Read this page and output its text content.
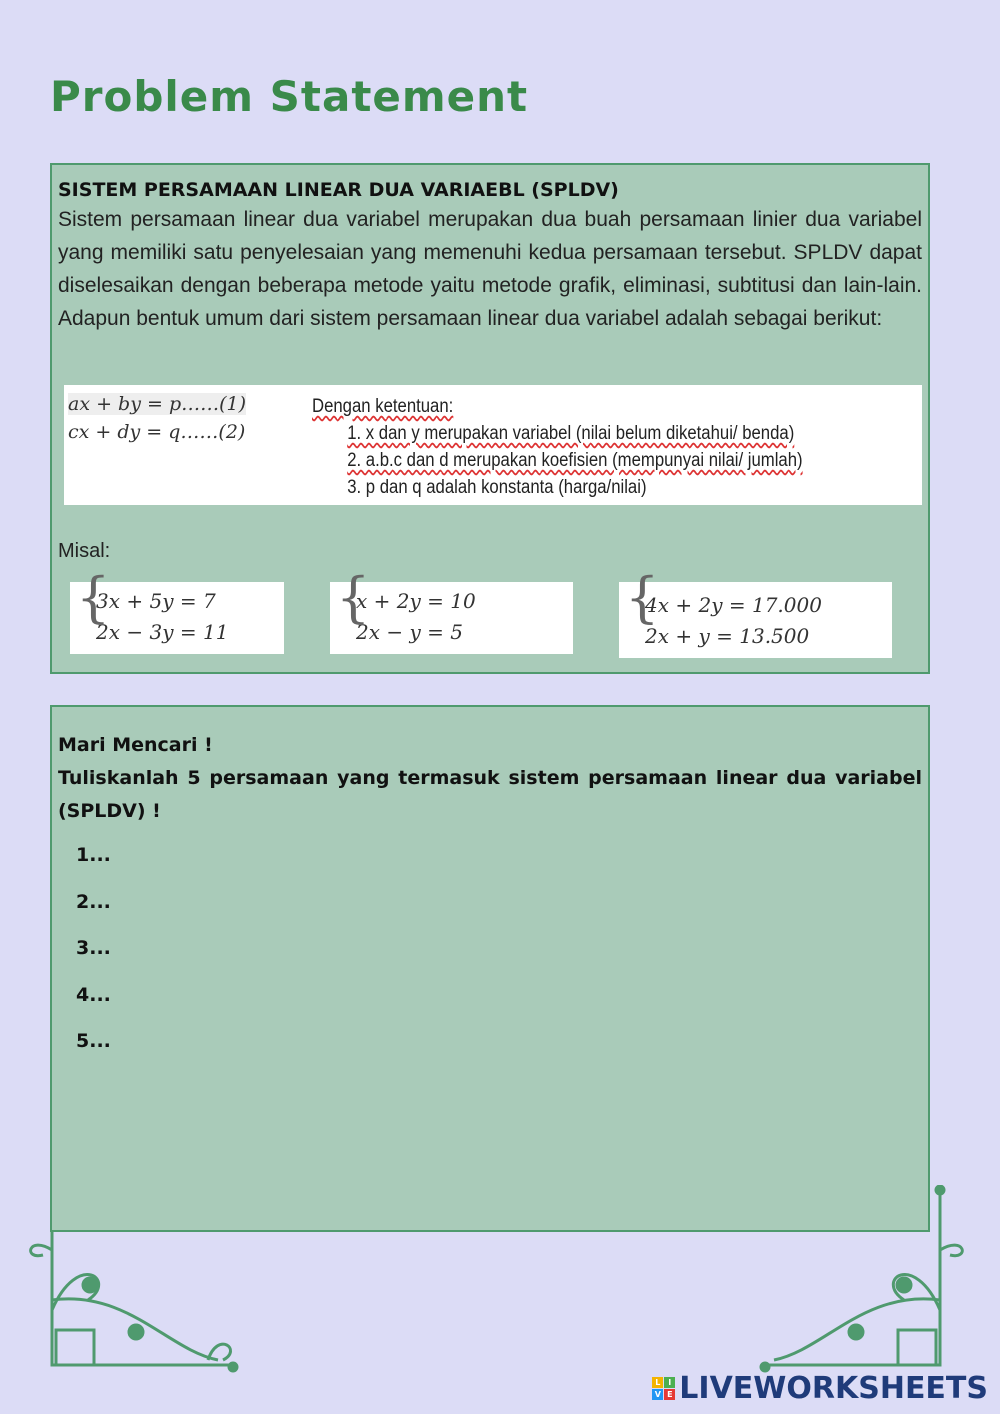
Problem Statement
SISTEM PERSAMAAN LINEAR DUA VARIAEBL (SPLDV)
Sistem persamaan linear dua variabel merupakan dua buah persamaan linier dua variabel yang memiliki satu penyelesaian yang memenuhi kedua persamaan tersebut. SPLDV dapat diselesaikan dengan beberapa metode yaitu metode grafik, eliminasi, subtitusi dan lain-lain. Adapun bentuk umum dari sistem persamaan linear dua variabel adalah sebagai berikut:
ax + by = p……(1)
cx + dy = q……(2)
Dengan ketentuan:
1. x dan y merupakan variabel (nilai belum diketahui/ benda)
2. a.b.c dan d merupakan koefisien (mempunyai nilai/ jumlah)
3. p dan q adalah konstanta (harga/nilai)
Misal:
{ 3x + 5y = 7
2x − 3y = 11
{ x + 2y = 10
2x − y = 5
{ 4x + 2y = 17.000
2x + y = 13.500
Mari Mencari !
Tuliskanlah 5 persamaan yang termasuk sistem persamaan linear dua variabel (SPLDV) !
1...
2...
3...
4...
5...
L I
V E LIVEWORKSHEETS
